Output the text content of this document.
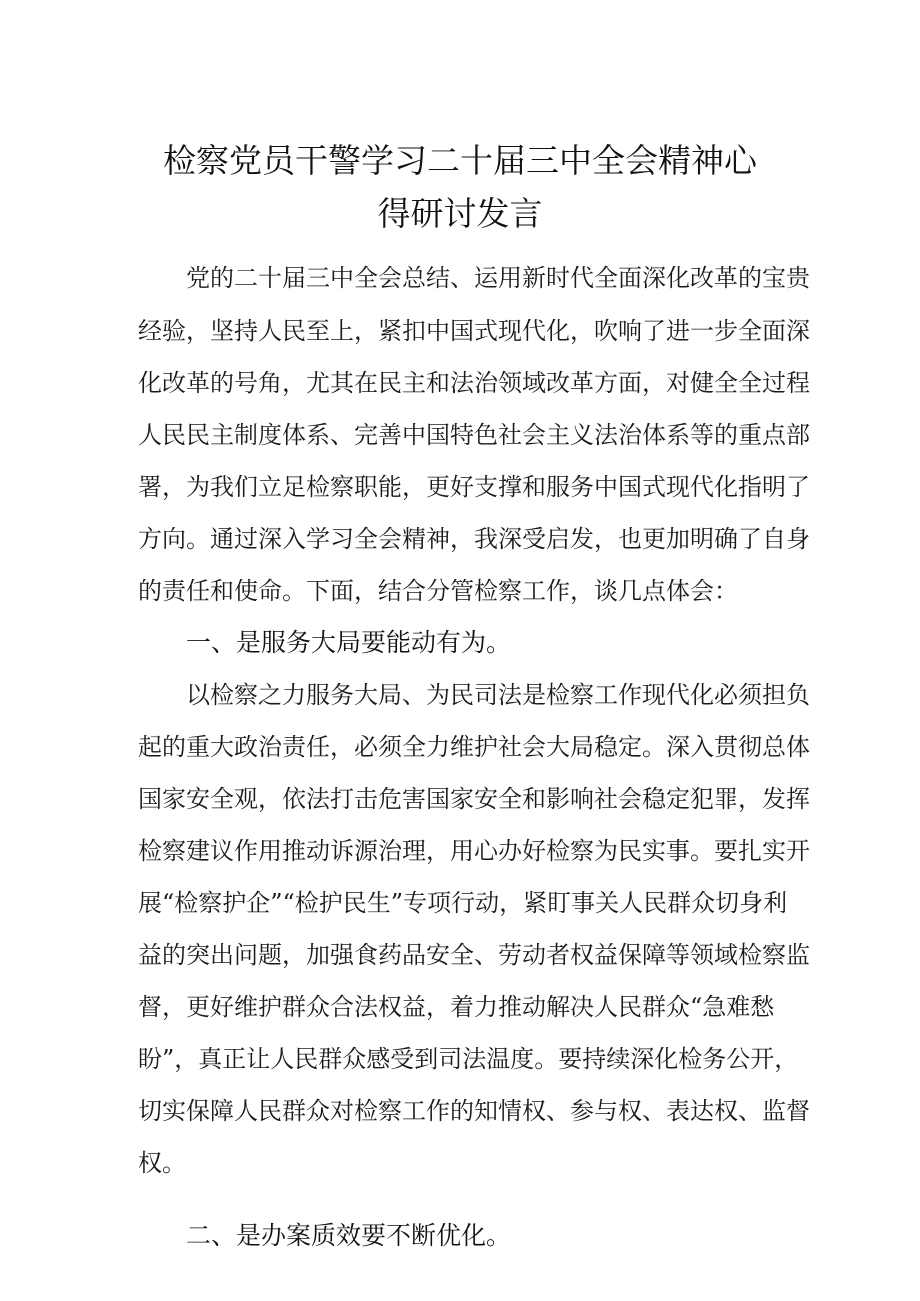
检察党员干警学习二十届三中全会精神心
得研讨发言
党的二十届三中全会总结、运用新时代全面深化改革的宝贵
经验，坚持人民至上，紧扣中国式现代化，吹响了进一步全面深
化改革的号角，尤其在民主和法治领域改革方面，对健全全过程
人民民主制度体系、完善中国特色社会主义法治体系等的重点部
署，为我们立足检察职能，更好支撑和服务中国式现代化指明了
方向。通过深入学习全会精神，我深受启发，也更加明确了自身
的责任和使命。下面，结合分管检察工作，谈几点体会：
一、是服务大局要能动有为。
以检察之力服务大局、为民司法是检察工作现代化必须担负
起的重大政治责任，必须全力维护社会大局稳定。深入贯彻总体
国家安全观，依法打击危害国家安全和影响社会稳定犯罪，发挥
检察建议作用推动诉源治理，用心办好检察为民实事。要扎实开
展“检察护企”“检护民生”专项行动，紧盯事关人民群众切身利
益的突出问题，加强食药品安全、劳动者权益保障等领域检察监
督，更好维护群众合法权益，着力推动解决人民群众“急难愁
盼”，真正让人民群众感受到司法温度。要持续深化检务公开，
切实保障人民群众对检察工作的知情权、参与权、表达权、监督
权。
二、是办案质效要不断优化。
